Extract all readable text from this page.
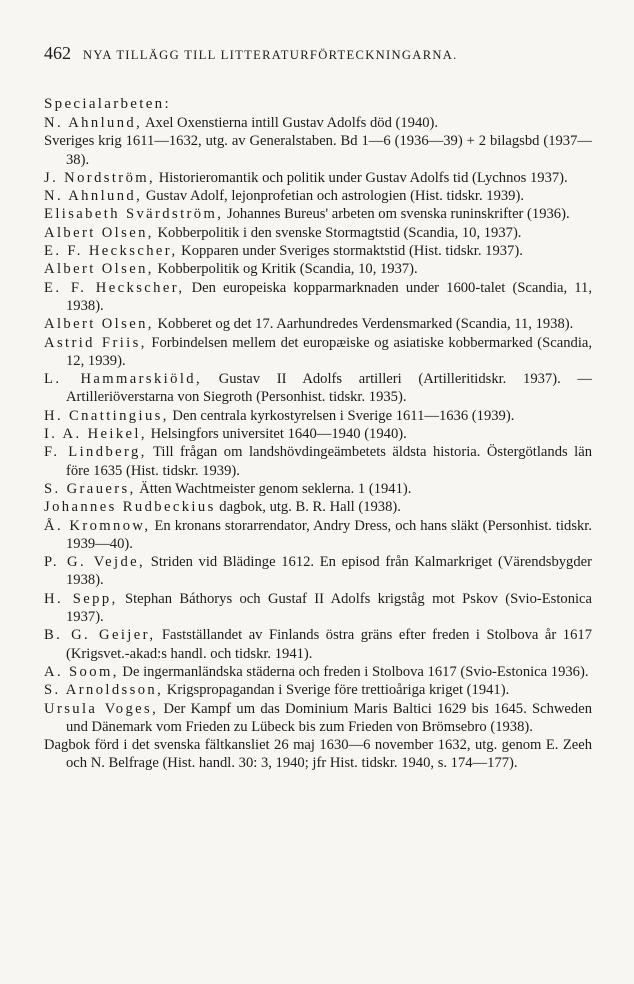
462 NYA TILLÄGG TILL LITTERATURFÖRTECKNINGARNA.
Specialarbeten:
N. Ahnlund, Axel Oxenstierna intill Gustav Adolfs död (1940).
Sveriges krig 1611—1632, utg. av Generalstaben. Bd 1—6 (1936—39) + 2 bilagsbd (1937—38).
J. Nordström, Historieromantik och politik under Gustav Adolfs tid (Lychnos 1937).
N. Ahnlund, Gustav Adolf, lejonprofetian och astrologien (Hist. tidskr. 1939).
Elisabeth Svärdström, Johannes Bureus' arbeten om svenska runinskrifter (1936).
Albert Olsen, Kobberpolitik i den svenske Stormagtstid (Scandia, 10, 1937).
E. F. Heckscher, Kopparen under Sveriges stormaktstid (Hist. tidskr. 1937).
Albert Olsen, Kobberpolitik og Kritik (Scandia, 10, 1937).
E. F. Heckscher, Den europeiska kopparmarknaden under 1600-talet (Scandia, 11, 1938).
Albert Olsen, Kobberet og det 17. Aarhundredes Verdensmarked (Scandia, 11, 1938).
Astrid Friis, Forbindelsen mellem det europæiske og asiatiske kobbermarked (Scandia, 12, 1939).
L. Hammarskiöld, Gustav II Adolfs artilleri (Artilleritidskr. 1937). — Artilleriöverstarna von Siegroth (Personhist. tidskr. 1935).
H. Cnattingius, Den centrala kyrkostyrelsen i Sverige 1611—1636 (1939).
I. A. Heikel, Helsingfors universitet 1640—1940 (1940).
F. Lindberg, Till frågan om landshövdingeämbetets äldsta historia. Östergötlands län före 1635 (Hist. tidskr. 1939).
S. Grauers, Ätten Wachtmeister genom seklerna. 1 (1941).
Johannes Rudbeckius dagbok, utg. B. R. Hall (1938).
Å. Kromnow, En kronans storarrendator, Andry Dress, och hans släkt (Personhist. tidskr. 1939—40).
P. G. Vejde, Striden vid Blädinge 1612. En episod från Kalmarkriget (Värendsbygder 1938).
H. Sepp, Stephan Báthorys och Gustaf II Adolfs krigståg mot Pskov (Svio-Estonica 1937).
B. G. Geijer, Fastställandet av Finlands östra gräns efter freden i Stolbova år 1617 (Krigsvet.-akad:s handl. och tidskr. 1941).
A. Soom, De ingermanländska städerna och freden i Stolbova 1617 (Svio-Estonica 1936).
S. Arnoldsson, Krigspropagandan i Sverige före trettioåriga kriget (1941).
Ursula Voges, Der Kampf um das Dominium Maris Baltici 1629 bis 1645. Schweden und Dänemark vom Frieden zu Lübeck bis zum Frieden von Brömsebro (1938).
Dagbok förd i det svenska fältkansliet 26 maj 1630—6 november 1632, utg. genom E. Zeeh och N. Belfrage (Hist. handl. 30: 3, 1940; jfr Hist. tidskr. 1940, s. 174—177).
